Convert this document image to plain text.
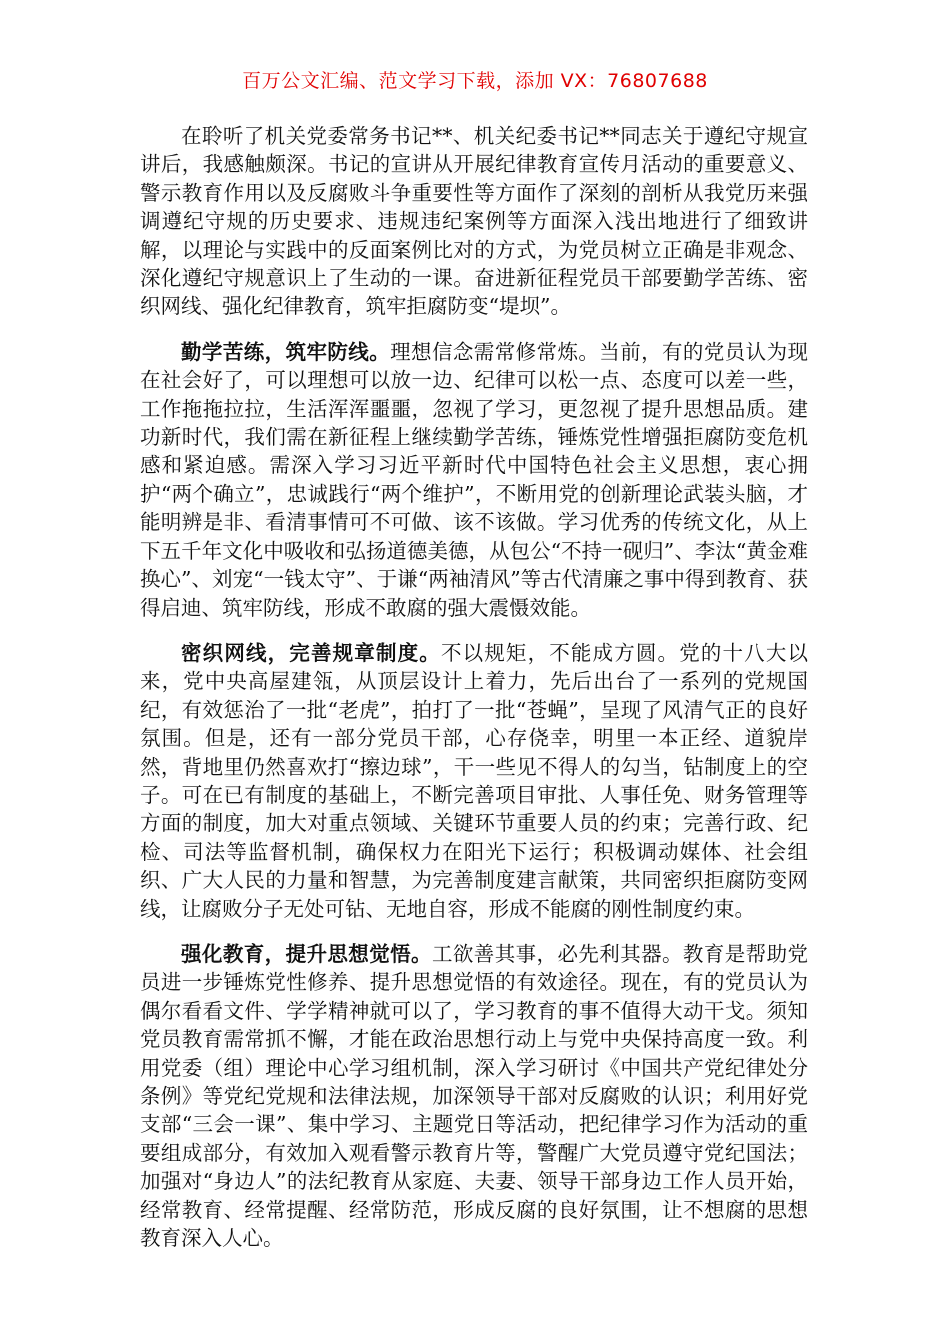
百万公文汇编、范文学习下载，添加 VX：76807688

在聆听了机关党委常务书记**、机关纪委书记**同志关于遵纪守规宣讲后，我感触颇深。书记的宣讲从开展纪律教育宣传月活动的重要意义、警示教育作用以及反腐败斗争重要性等方面作了深刻的剖析从我党历来强调遵纪守规的历史要求、违规违纪案例等方面深入浅出地进行了细致讲解，以理论与实践中的反面案例比对的方式，为党员树立正确是非观念、深化遵纪守规意识上了生动的一课。奋进新征程党员干部要勤学苦练、密织网线、强化纪律教育，筑牢拒腐防变“堤坝”。

勤学苦练，筑牢防线。理想信念需常修常炼。当前，有的党员认为现在社会好了，可以理想可以放一边、纪律可以松一点、态度可以差一些，工作拖拖拉拉，生活浑浑噩噩，忽视了学习，更忽视了提升思想品质。建功新时代，我们需在新征程上继续勤学苦练，锤炼党性增强拒腐防变危机感和紧迫感。需深入学习习近平新时代中国特色社会主义思想，衷心拥护“两个确立”，忠诚践行“两个维护”，不断用党的创新理论武装头脑，才能明辨是非、看清事情可不可做、该不该做。学习优秀的传统文化，从上下五千年文化中吸收和弘扬道德美德，从包公“不持一砚归”、李汰“黄金难换心”、刘宠“一钱太守”、于谦“两袖清风”等古代清廉之事中得到教育、获得启迪、筑牢防线，形成不敢腐的强大震慑效能。

密织网线，完善规章制度。不以规矩，不能成方圆。党的十八大以来，党中央高屋建瓴，从顶层设计上着力，先后出台了一系列的党规国纪，有效惩治了一批“老虎”，拍打了一批“苍蝇”，呈现了风清气正的良好氛围。但是，还有一部分党员干部，心存侥幸，明里一本正经、道貌岸然，背地里仍然喜欢打“擦边球”，干一些见不得人的勾当，钻制度上的空子。可在已有制度的基础上，不断完善项目审批、人事任免、财务管理等方面的制度，加大对重点领域、关键环节重要人员的约束；完善行政、纪检、司法等监督机制，确保权力在阳光下运行；积极调动媒体、社会组织、广大人民的力量和智慧，为完善制度建言献策，共同密织拒腐防变网线，让腐败分子无处可钻、无地自容，形成不能腐的刚性制度约束。

强化教育，提升思想觉悟。工欲善其事，必先利其器。教育是帮助党员进一步锤炼党性修养、提升思想觉悟的有效途径。现在，有的党员认为偶尔看看文件、学学精神就可以了，学习教育的事不值得大动干戈。须知党员教育需常抓不懈，才能在政治思想行动上与党中央保持高度一致。利用党委（组）理论中心学习组机制，深入学习研讨《中国共产党纪律处分条例》等党纪党规和法律法规，加深领导干部对反腐败的认识；利用好党支部“三会一课”、集中学习、主题党日等活动，把纪律学习作为活动的重要组成部分，有效加入观看警示教育片等，警醒广大党员遵守党纪国法；加强对“身边人”的法纪教育从家庭、夫妻、领导干部身边工作人员开始，经常教育、经常提醒、经常防范，形成反腐的良好氛围，让不想腐的思想教育深入人心。
